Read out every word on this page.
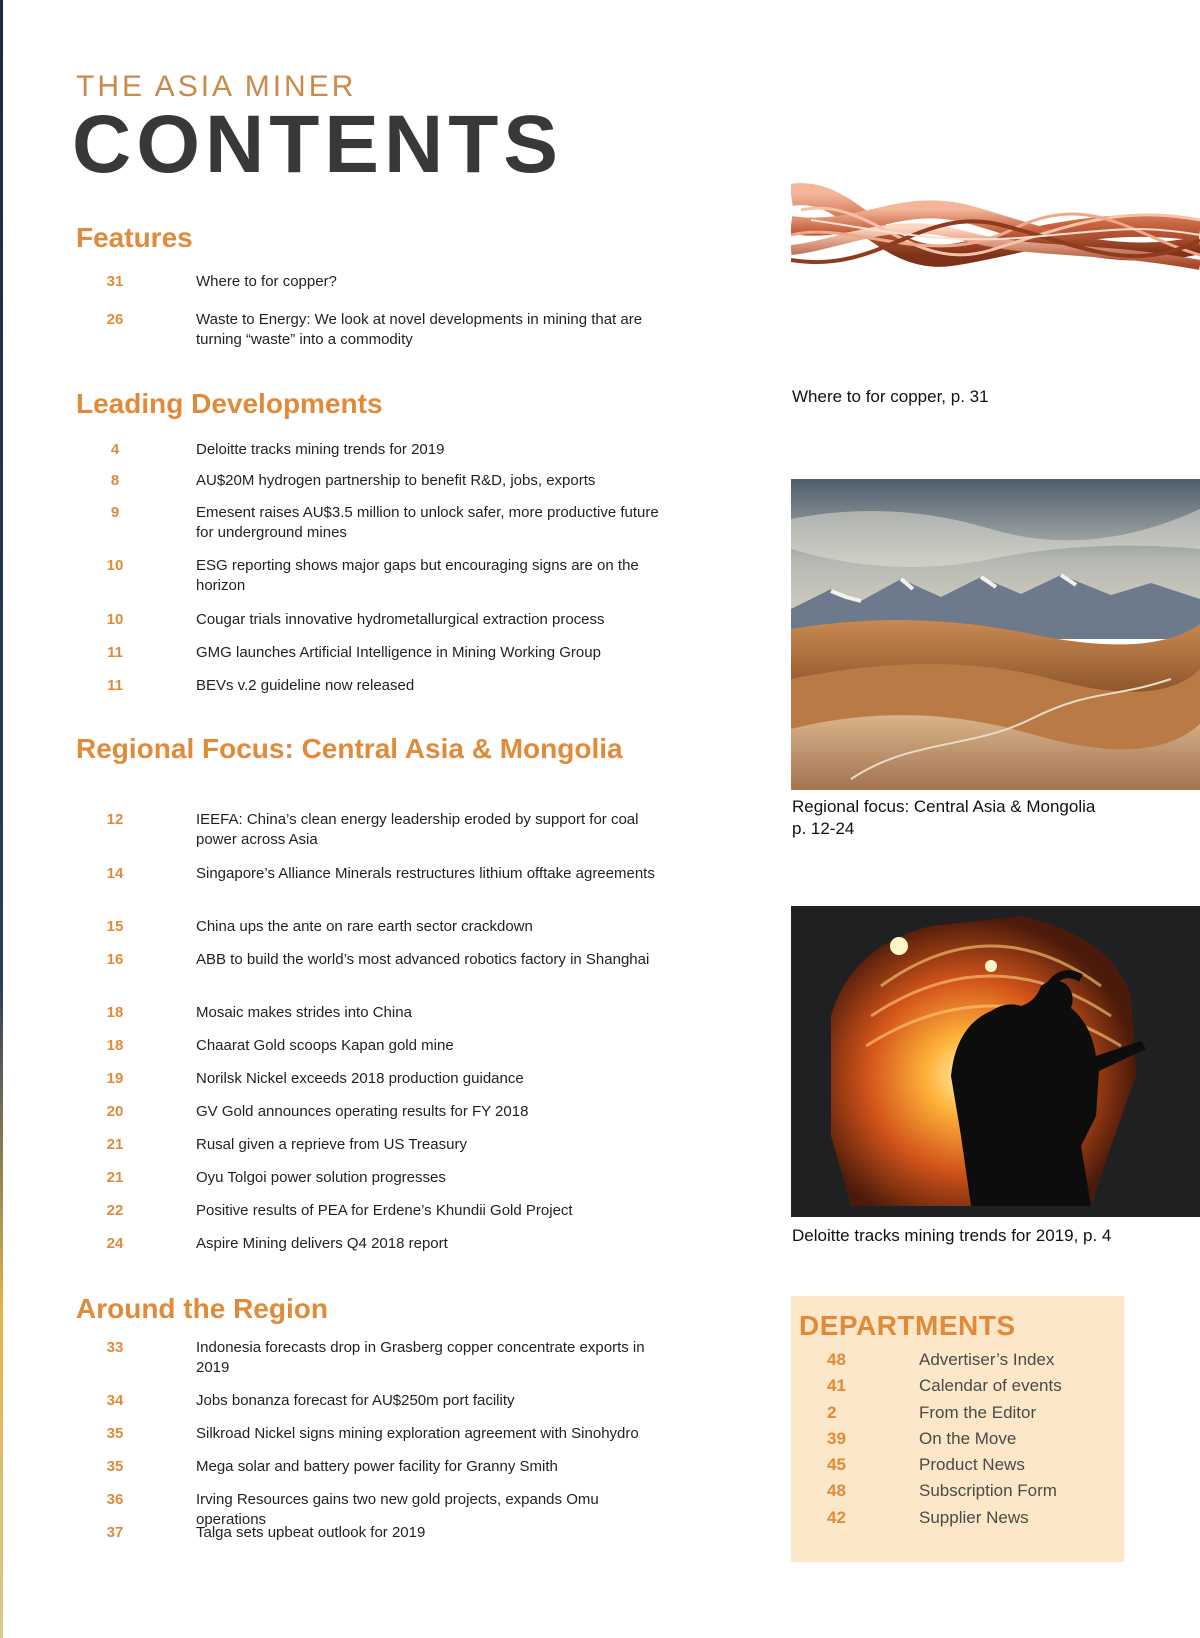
THE ASIA MINER
CONTENTS
Features
31	Where to for copper?
26	Waste to Energy: We look at novel developments in mining that are turning “waste” into a commodity
Leading Developments
4	Deloitte tracks mining trends for 2019
8	AU$20M hydrogen partnership to benefit R&D, jobs, exports
9	Emesent raises AU$3.5 million to unlock safer, more productive future for underground mines
10	ESG reporting shows major gaps but encouraging signs are on the horizon
10	Cougar trials innovative hydrometallurgical extraction process
11	GMG launches Artificial Intelligence in Mining Working Group
11	BEVs v.2 guideline now released
Regional Focus: Central Asia & Mongolia
12	IEEFA: China’s clean energy leadership eroded by support for coal power across Asia
14	Singapore’s Alliance Minerals restructures lithium offtake agreements
15	China ups the ante on rare earth sector crackdown
16	ABB to build the world’s most advanced robotics factory in Shanghai
18	Mosaic makes strides into China
18	Chaarat Gold scoops Kapan gold mine
19	Norilsk Nickel exceeds 2018 production guidance
20	GV Gold announces operating results for FY 2018
21	Rusal given a reprieve from US Treasury
21	Oyu Tolgoi power solution progresses
22	Positive results of PEA for Erdene’s Khundii Gold Project
24	Aspire Mining delivers Q4 2018 report
Around the Region
33	Indonesia forecasts drop in Grasberg copper concentrate exports in 2019
34	Jobs bonanza forecast for AU$250m port facility
35	Silkroad Nickel signs mining exploration agreement with Sinohydro
35	Mega solar and battery power facility for Granny Smith
36	Irving Resources gains two new gold projects, expands Omu operations
37	Talga sets upbeat outlook for 2019
Where to for copper, p. 31
Regional focus: Central Asia & Mongolia
p. 12-24
Deloitte tracks mining trends for 2019, p. 4
DEPARTMENTS
48	Advertiser’s Index
41	Calendar of events
2	From the Editor
39	On the Move
45	Product News
48	Subscription Form
42	Supplier News
